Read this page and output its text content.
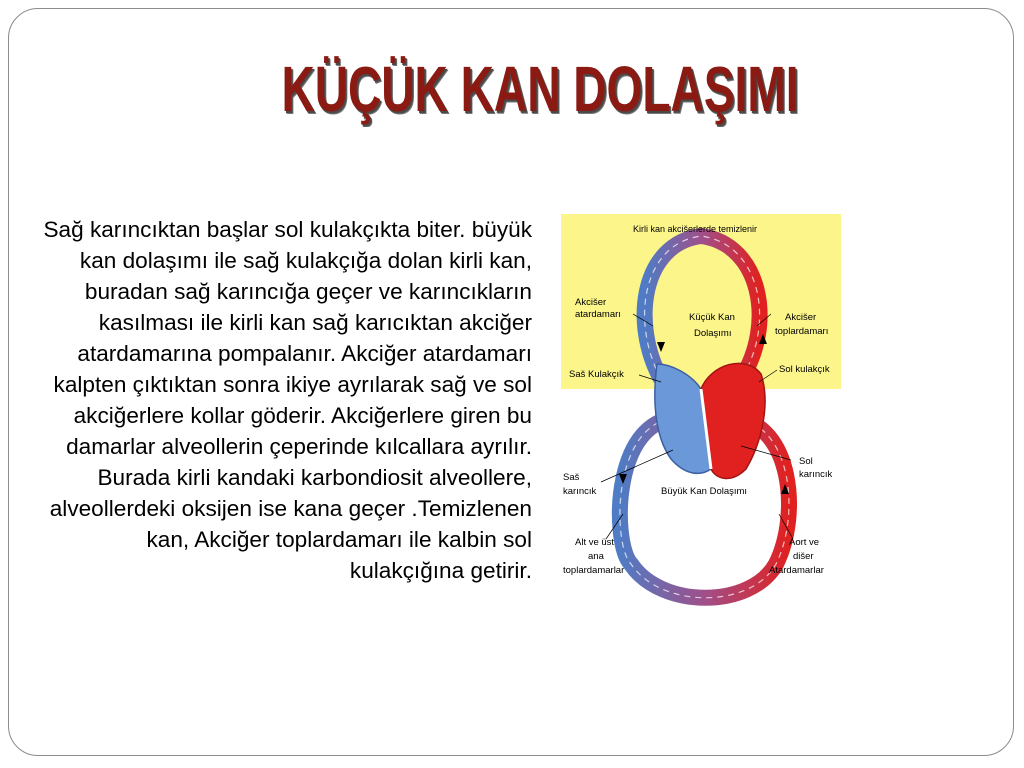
KÜÇÜK KAN DOLAŞIMI
Sağ karıncıktan başlar sol kulakçıkta biter. büyük kan dolaşımı ile sağ kulakçığa dolan kirli kan, buradan sağ karıncığa geçer ve karıncıkların kasılması ile kirli kan sağ karıcıktan akciğer atardamarına pompalanır. Akciğer atardamarı kalpten çıktıktan sonra ikiye ayrılarak sağ ve sol akciğerlere kollar göderir. Akciğerlere giren bu damarlar alveollerin çeperinde kılcallara ayrılır. Burada kirli kandaki karbondiosit alveollere, alveollerdeki oksijen ise kana geçer .Temizlenen kan, Akciğer toplardamarı ile kalbin sol kulakçığına getirir.
Kirli kan akcišerlerde temizlenir
Akcišer
atardamarı	Küçük Kan
Dolaşımı
Akcišer
toplardamarı
Saš Kulakçık	Sol kulakçık
Sol
karıncık
Saš
karıncık	Büyük Kan Dolaşımı
Alt ve üst
ana
toplardamarlar
Aort ve
dišer
Atardamarlar
